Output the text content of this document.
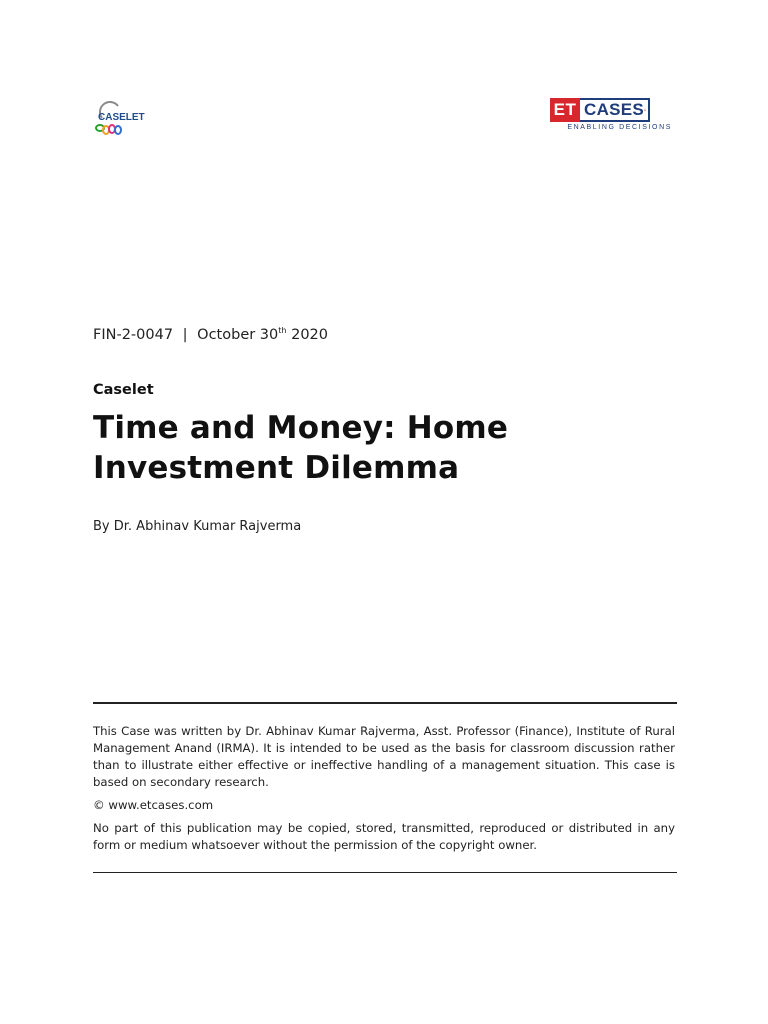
CASELET	ET CASES
ENABLING DECISIONS
FIN-2-0047 | October 30th 2020
Caselet
Time and Money: Home Investment Dilemma
By Dr. Abhinav Kumar Rajverma

This Case was written by Dr. Abhinav Kumar Rajverma, Asst. Professor (Finance), Institute of Rural Management Anand (IRMA). It is intended to be used as the basis for classroom discussion rather than to illustrate either effective or ineffective handling of a management situation. This case is based on secondary research.

© www.etcases.com

No part of this publication may be copied, stored, transmitted, reproduced or distributed in any form or medium whatsoever without the permission of the copyright owner.
